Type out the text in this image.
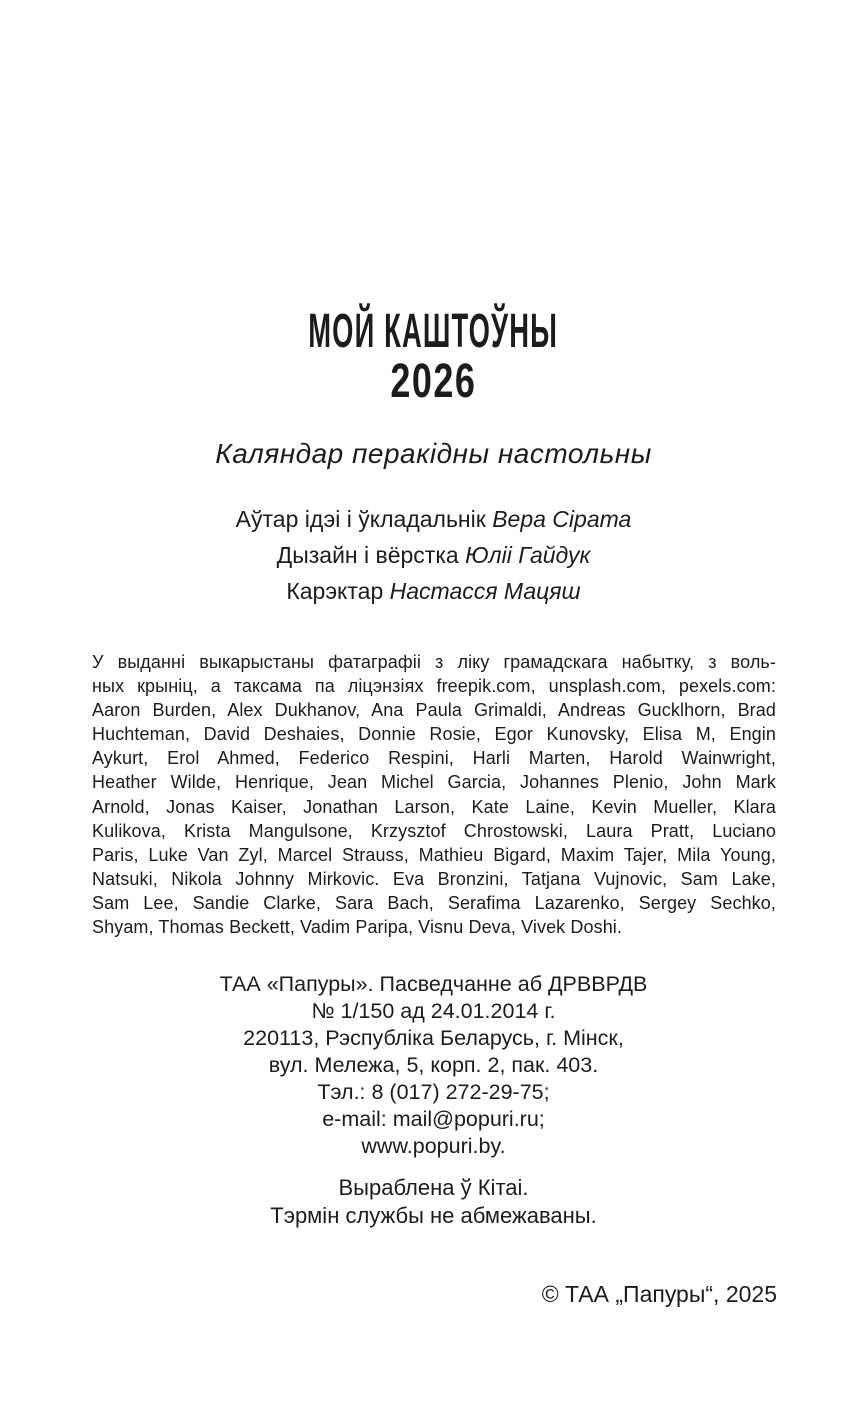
МОЙ КАШТОЎНЫ
2026
Каляндар перакідны настольны
Аўтар ідэі і ўкладальнік Вера Сірата
Дызайн і вёрстка Юліі Гайдук
Карэктар Настасся Мацяш
У выданні выкарыстаны фатаграфіі з ліку грамадскага набытку, з воль-
ных крыніц, а таксама па ліцэнзіях freepik.com, unsplash.com, pexels.com:
Aaron Burden, Alex Dukhanov, Ana Paula Grimaldi, Andreas Gucklhorn, Brad
Huchteman, David Deshaies, Donnie Rosie, Egor Kunovsky, Elisa M, Engin
Aykurt, Erol Ahmed, Federico Respini, Harli Marten, Harold Wainwright,
Heather Wilde, Henrique, Jean Michel Garcia, Johannes Plenio, John Mark
Arnold, Jonas Kaiser, Jonathan Larson, Kate Laine, Kevin Mueller, Klara
Kulikova, Krista Mangulsone, Krzysztof Chrostowski, Laura Pratt, Luciano
Paris, Luke Van Zyl, Marcel Strauss, Mathieu Bigard, Maxim Tajer, Mila Young,
Natsuki, Nikola Johnny Mirkovic. Eva Bronzini, Tatjana Vujnovic, Sam Lake,
Sam Lee, Sandie Clarke, Sara Bach, Serafima Lazarenko, Sergey Sechko,
Shyam, Thomas Beckett, Vadim Paripa, Visnu Deva, Vivek Doshi.
ТАА «Папуры». Пасведчанне аб ДРВВРДВ
№ 1/150 ад 24.01.2014 г.
220113, Рэспубліка Беларусь, г. Мінск,
вул. Мележа, 5, корп. 2, пак. 403.
Тэл.: 8 (017) 272-29-75;
e-mail: mail@popuri.ru;
www.popuri.by.
Выраблена ў Кітаі.
Тэрмін службы не абмежаваны.
© ТАА „Папуры“, 2025
